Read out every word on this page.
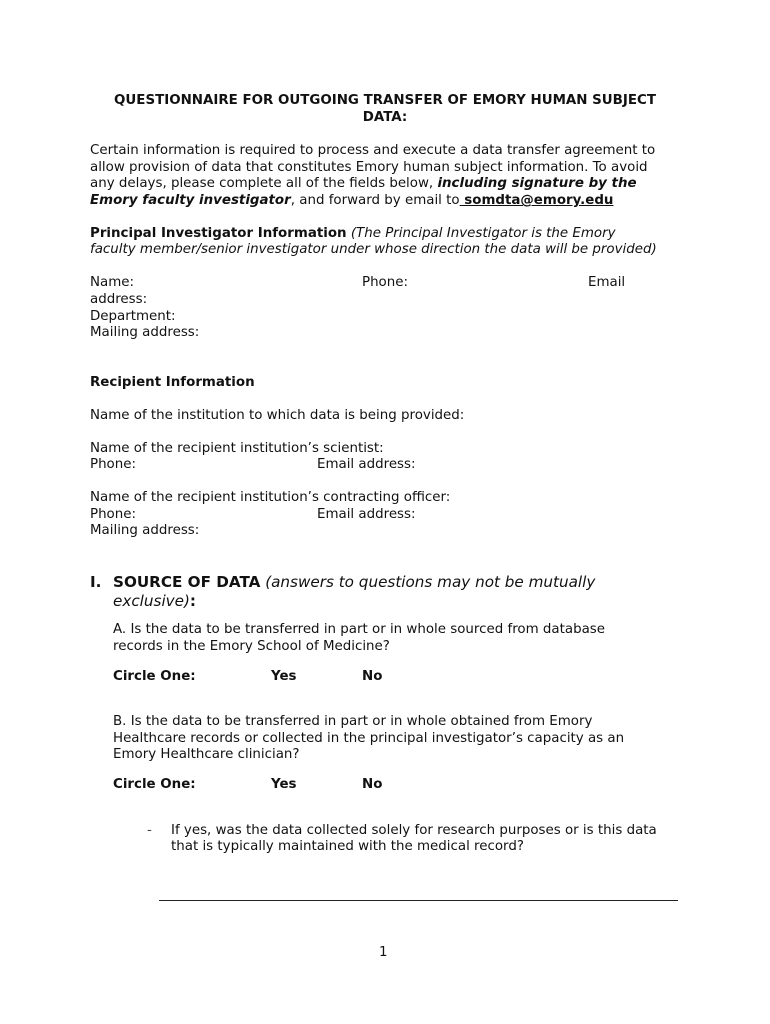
QUESTIONNAIRE FOR OUTGOING TRANSFER OF EMORY HUMAN SUBJECT
DATA:
Certain information is required to process and execute a data transfer agreement to
allow provision of data that constitutes Emory human subject information. To avoid
any delays, please complete all of the fields below, including signature by the
Emory faculty investigator, and forward by email to somdta@emory.edu
Principal Investigator Information (The Principal Investigator is the Emory
faculty member/senior investigator under whose direction the data will be provided)
Name:	Phone:	Email
address:
Department:
Mailing address:
Recipient Information
Name of the institution to which data is being provided:
Name of the recipient institution’s scientist:
Phone:	Email address:
Name of the recipient institution’s contracting officer:
Phone:	Email address:
Mailing address:
I. SOURCE OF DATA (answers to questions may not be mutually
exclusive):
A. Is the data to be transferred in part or in whole sourced from database
records in the Emory School of Medicine?
Circle One:	Yes	No
B. Is the data to be transferred in part or in whole obtained from Emory
Healthcare records or collected in the principal investigator’s capacity as an
Emory Healthcare clinician?
Circle One:	Yes	No
- If yes, was the data collected solely for research purposes or is this data
that is typically maintained with the medical record?
1
